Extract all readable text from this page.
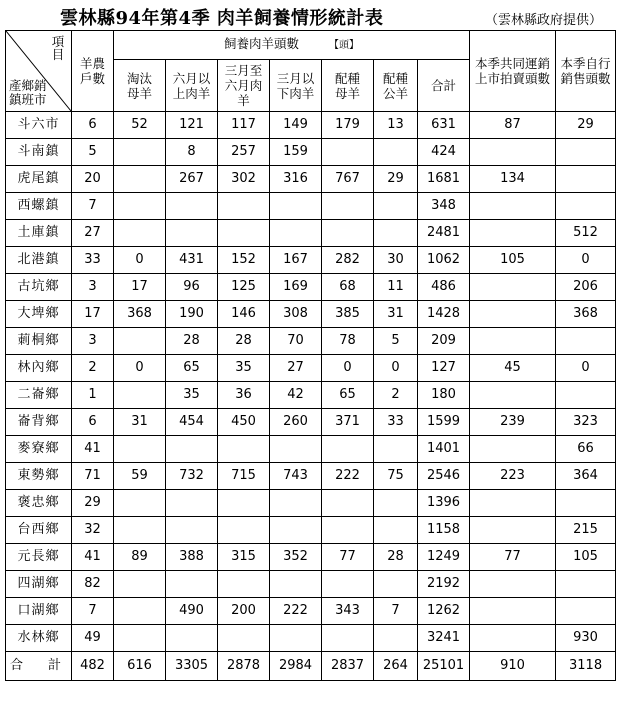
雲林縣94年第4季 肉羊飼養情形統計表	（雲林縣政府提供）
項目
產鄉銷鎮班市	羊農戶數	飼養肉羊頭數 【頭】							本季共同運銷上市拍賣頭數	本季自行銷售頭數
		淘汰母羊	六月以上肉羊	三月至六月肉羊	三月以下肉羊	配種母羊	配種公羊	合計		
斗六市	6	52	121	117	149	179	13	631	87	29
斗南鎮	5		8	257	159			424		
虎尾鎮	20		267	302	316	767	29	1681	134	
西螺鎮	7							348		
土庫鎮	27							2481		512
北港鎮	33	0	431	152	167	282	30	1062	105	0
古坑鄉	3	17	96	125	169	68	11	486		206
大埤鄉	17	368	190	146	308	385	31	1428		368
莿桐鄉	3		28	28	70	78	5	209		
林內鄉	2	0	65	35	27	0	0	127	45	0
二崙鄉	1		35	36	42	65	2	180		
崙背鄉	6	31	454	450	260	371	33	1599	239	323
麥寮鄉	41							1401		66
東勢鄉	71	59	732	715	743	222	75	2546	223	364
褒忠鄉	29							1396		
台西鄉	32							1158		215
元長鄉	41	89	388	315	352	77	28	1249	77	105
四湖鄉	82							2192		
口湖鄉	7		490	200	222	343	7	1262		
水林鄉	49							3241		930
合　計	482	616	3305	2878	2984	2837	264	25101	910	3118
